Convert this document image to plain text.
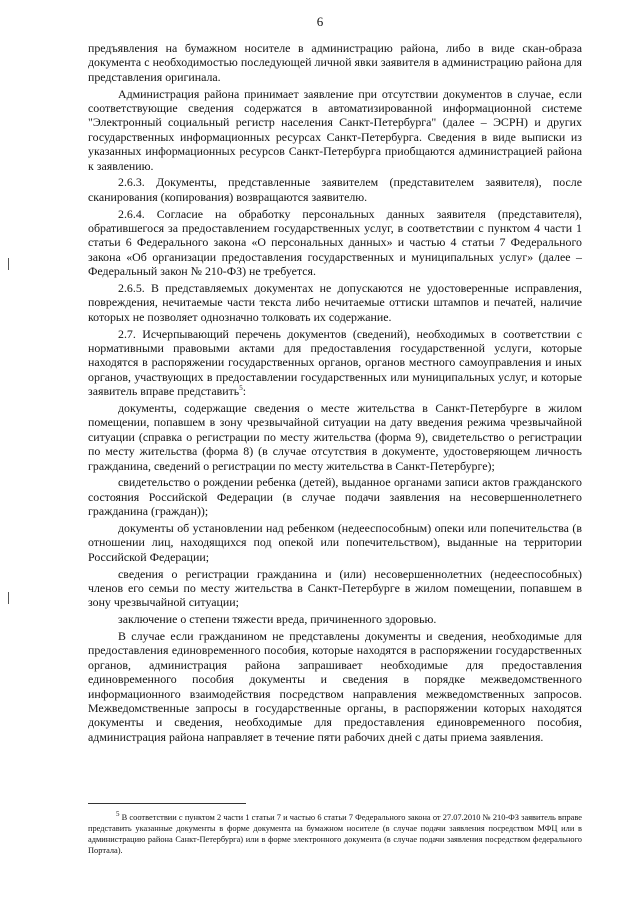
6

предъявления на бумажном носителе в администрацию района, либо в виде скан-образа документа с необходимостью последующей личной явки заявителя в администрацию района для представления оригинала.

Администрация района принимает заявление при отсутствии документов в случае, если соответствующие сведения содержатся в автоматизированной информационной системе "Электронный социальный регистр населения Санкт-Петербурга" (далее – ЭСРН) и других государственных информационных ресурсах Санкт-Петербурга. Сведения в виде выписки из указанных информационных ресурсов Санкт-Петербурга приобщаются администрацией района к заявлению.

2.6.3. Документы, представленные заявителем (представителем заявителя), после сканирования (копирования) возвращаются заявителю.

2.6.4. Согласие на обработку персональных данных заявителя (представителя), обратившегося за предоставлением государственных услуг, в соответствии с пунктом 4 части 1 статьи 6 Федерального закона «О персональных данных» и частью 4 статьи 7 Федерального закона «Об организации предоставления государственных и муниципальных услуг» (далее – Федеральный закон № 210-ФЗ) не требуется.

2.6.5. В представляемых документах не допускаются не удостоверенные исправления, повреждения, нечитаемые части текста либо нечитаемые оттиски штампов и печатей, наличие которых не позволяет однозначно толковать их содержание.

2.7. Исчерпывающий перечень документов (сведений), необходимых в соответствии с нормативными правовыми актами для предоставления государственной услуги, которые находятся в распоряжении государственных органов, органов местного самоуправления и иных органов, участвующих в предоставлении государственных или муниципальных услуг, и которые заявитель вправе представить$^5$:

документы, содержащие сведения о месте жительства в Санкт-Петербурге в жилом помещении, попавшем в зону чрезвычайной ситуации на дату введения режима чрезвычайной ситуации (справка о регистрации по месту жительства (форма 9), свидетельство о регистрации по месту жительства (форма 8) (в случае отсутствия в документе, удостоверяющем личность гражданина, сведений о регистрации по месту жительства в Санкт-Петербурге);

свидетельство о рождении ребенка (детей), выданное органами записи актов гражданского состояния Российской Федерации (в случае подачи заявления на несовершеннолетнего гражданина (граждан));

документы об установлении над ребенком (недееспособным) опеки или попечительства (в отношении лиц, находящихся под опекой или попечительством), выданные на территории Российской Федерации;

сведения о регистрации гражданина и (или) несовершеннолетних (недееспособных) членов его семьи по месту жительства в Санкт-Петербурге в жилом помещении, попавшем в зону чрезвычайной ситуации;

заключение о степени тяжести вреда, причиненного здоровью.

В случае если гражданином не представлены документы и сведения, необходимые для предоставления единовременного пособия, которые находятся в распоряжении государственных органов, администрация района запрашивает необходимые для предоставления единовременного пособия документы и сведения в порядке межведомственного информационного взаимодействия посредством направления межведомственных запросов. Межведомственные запросы в государственные органы, в распоряжении которых находятся документы и сведения, необходимые для предоставления единовременного пособия, администрация района направляет в течение пяти рабочих дней с даты приема заявления.

$^5$ В соответствии с пунктом 2 части 1 статьи 7 и частью 6 статьи 7 Федерального закона от 27.07.2010 № 210-ФЗ заявитель вправе представить указанные документы в форме документа на бумажном носителе (в случае подачи заявления посредством МФЦ или в администрацию района Санкт-Петербурга) или в форме электронного документа (в случае подачи заявления посредством федерального Портала).
